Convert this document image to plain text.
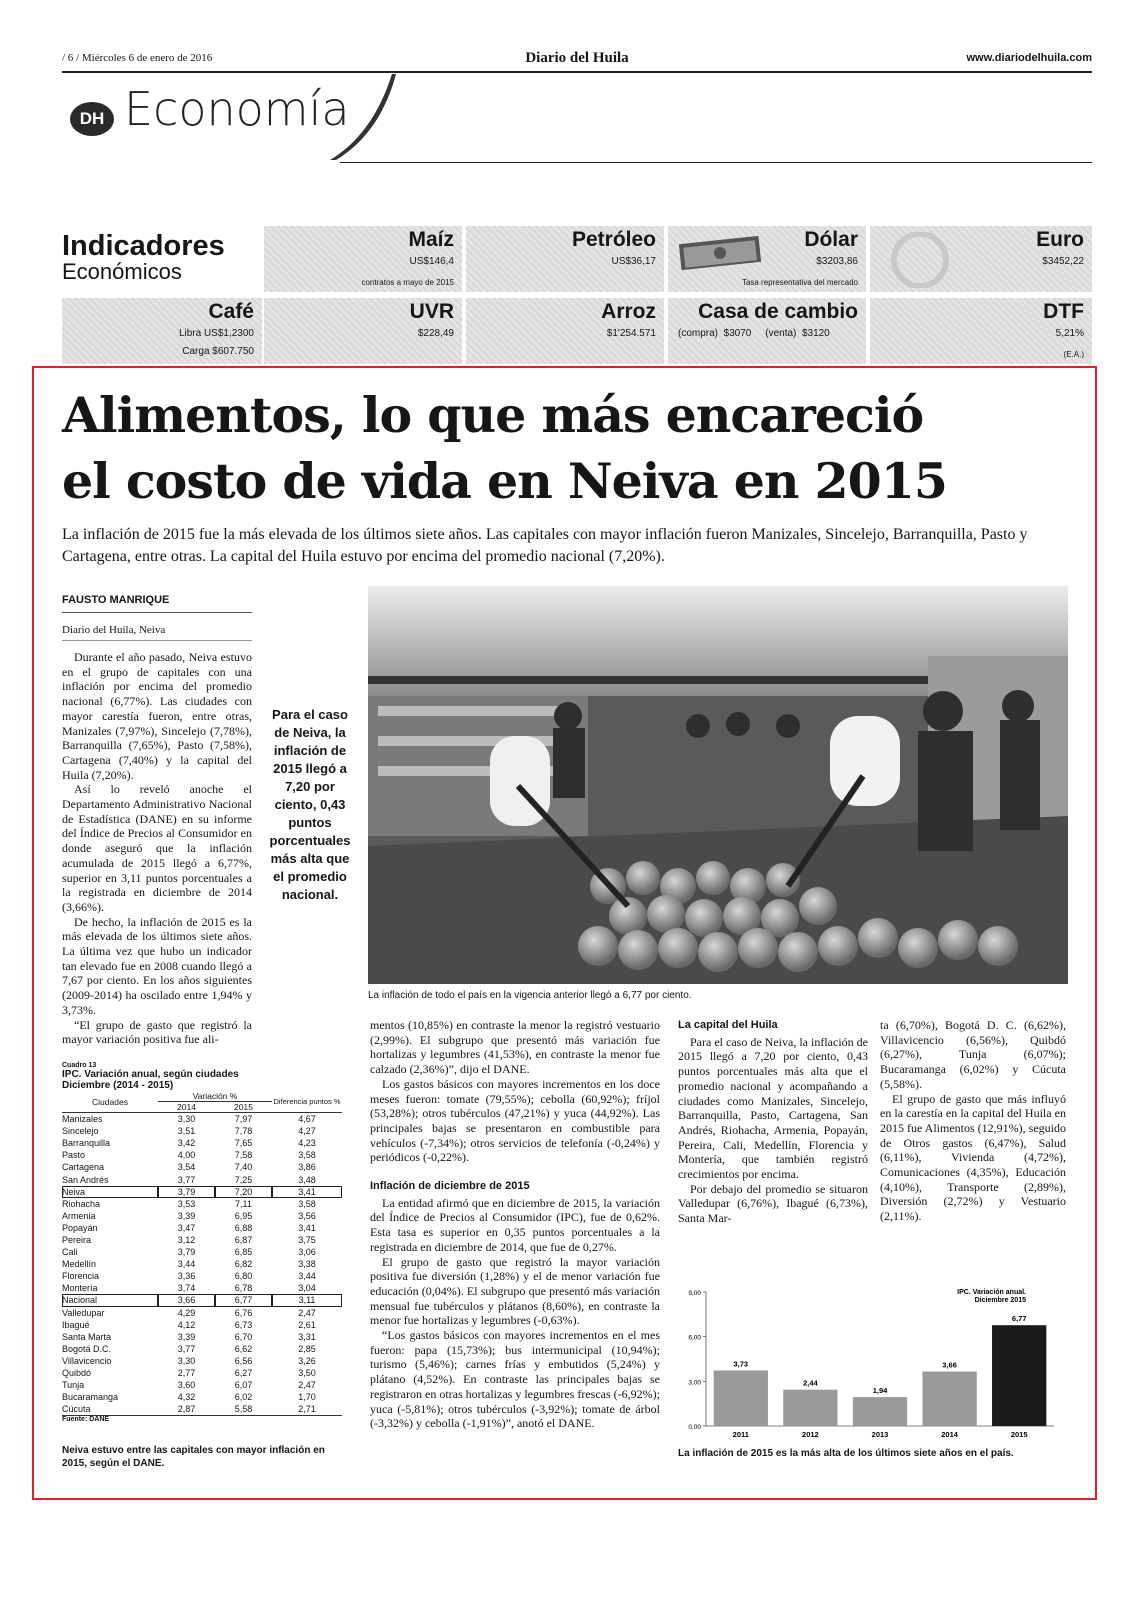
/ 6 / Miércoles 6 de enero de 2016	Diario del Huila	www.diariodelhuila.com
DH Economía
Indicadores
Económicos
Maíz
US$146,4
contratos a mayo de 2015
Petróleo
US$36,17
Dólar
$3203,86
Tasa representativa del mercado
Euro
$3452,22
Café
Libra US$1,2300
Carga $607.750
UVR
$228,49
Arroz
$1'254.571
Casa de cambio
(compra)  $3070     (venta)  $3120
DTF
5,21%
(E.A.)
Alimentos, lo que más encareció
el costo de vida en Neiva en 2015
La inflación de 2015 fue la más elevada de los últimos siete años. Las capitales con mayor inflación fueron Manizales, Sincelejo, Barranquilla, Pasto y Cartagena, entre otras. La capital del Huila estuvo por encima del promedio nacional (7,20%).
FAUSTO MANRIQUE
Diario del Huila, Neiva

Durante el año pasado, Neiva estuvo en el grupo de capitales con una inflación por encima del promedio nacional (6,77%). Las ciudades con mayor carestía fueron, entre otras, Manizales (7,97%), Sincelejo (7,78%), Barranquilla (7,65%), Pasto (7,58%), Cartagena (7,40%) y la capital del Huila (7,20%).

Así lo reveló anoche el Departamento Administrativo Nacional de Estadística (DANE) en su informe del Índice de Precios al Consumidor en donde aseguró que la inflación acumulada de 2015 llegó a 6,77%, superior en 3,11 puntos porcentuales a la registrada en diciembre de 2014 (3,66%).

De hecho, la inflación de 2015 es la más elevada de los últimos siete años. La última vez que hubo un indicador tan elevado fue en 2008 cuando llegó a 7,67 por ciento. En los años siguientes (2009-2014) ha oscilado entre 1,94% y 3,73%.

“El grupo de gasto que registró la mayor variación positiva fue ali-

Para el caso de Neiva, la inflación de 2015 llegó a 7,20 por ciento, 0,43 puntos porcentuales más alta que el promedio nacional.
La inflación de todo el país en la vigencia anterior llegó a 6,77 por ciento.

mentos (10,85%) en contraste la menor la registró vestuario (2,99%). El subgrupo que presentó más variación fue hortalizas y legumbres (41,53%), en contraste la menor fue calzado (2,36%)”, dijo el DANE.

Los gastos básicos con mayores incrementos en los doce meses fueron: tomate (79,55%); cebolla (60,92%); fríjol (53,28%); otros tubérculos (47,21%) y yuca (44,92%). Las principales bajas se presentaron en combustible para vehículos (-7,34%); otros servicios de telefonía (-0,24%) y periódicos (-0,22%).

Inflación de diciembre de 2015

La entidad afirmó que en diciembre de 2015, la variación del Índice de Precios al Consumidor (IPC), fue de 0,62%. Esta tasa es superior en 0,35 puntos porcentuales a la registrada en diciembre de 2014, que fue de 0,27%.

El grupo de gasto que registró la mayor variación positiva fue diversión (1,28%) y el de menor variación fue educación (0,04%). El subgrupo que presentó más variación mensual fue tubérculos y plátanos (8,60%), en contraste la menor fue hortalizas y legumbres (-0,63%).

“Los gastos básicos con mayores incrementos en el mes fueron: papa (15,73%); bus intermunicipal (10,94%); turismo (5,46%); carnes frías y embutidos (5,24%) y plátano (4,52%). En contraste las principales bajas se registraron en otras hortalizas y legumbres frescas (-6,92%); yuca (-5,81%); otros tubérculos (-3,92%); tomate de árbol (-3,32%) y cebolla (-1,91%)”, anotó el DANE.

La capital del Huila

Para el caso de Neiva, la inflación de 2015 llegó a 7,20 por ciento, 0,43 puntos porcentuales más alta que el promedio nacional y acompañando a ciudades como Manizales, Sincelejo, Barranquilla, Pasto, Cartagena, San Andrés, Riohacha, Armenia, Popayán, Pereira, Cali, Medellín, Florencia y Montería, que también registró crecimientos por encima.

Por debajo del promedio se situaron Valledupar (6,76%), Ibagué (6,73%), Santa Mar-

ta (6,70%), Bogotá D. C. (6,62%), Villavicencio (6,56%), Quibdó (6,27%), Tunja (6,07%); Bucaramanga (6,02%) y Cúcuta (5,58%).

El grupo de gasto que más influyó en la carestía en la capital del Huila en 2015 fue Alimentos (12,91%), seguido de Otros gastos (6,47%), Salud (6,11%), Vivienda (4,72%), Comunicaciones (4,35%), Educación (4,10%), Transporte (2,89%), Diversión (2,72%) y Vestuario (2,11%).

Cuadro 13
IPC. Variación anual, según ciudades
Diciembre (2014 - 2015)
Ciudades	Variación %		Diferencia puntos %
	2014	2015	
Manizales	3,30	7,97	4,67
Sincelejo	3,51	7,78	4,27
Barranquilla	3,42	7,65	4,23
Pasto	4,00	7,58	3,58
Cartagena	3,54	7,40	3,86
San Andrés	3,77	7,25	3,48
Neiva	3,79	7,20	3,41
Riohacha	3,53	7,11	3,58
Armenia	3,39	6,95	3,56
Popayán	3,47	6,88	3,41
Pereira	3,12	6,87	3,75
Cali	3,79	6,85	3,06
Medellín	3,44	6,82	3,38
Florencia	3,36	6,80	3,44
Montería	3,74	6,78	3,04
Nacional	3,66	6,77	3,11
Valledupar	4,29	6,76	2,47
Ibagué	4,12	6,73	2,61
Santa Marta	3,39	6,70	3,31
Bogotá D.C.	3,77	6,62	2,85
Villavicencio	3,30	6,56	3,26
Quibdó	2,77	6,27	3,50
Tunja	3,60	6,07	2,47
Bucaramanga	4,32	6,02	1,70
Cúcuta	2,87	5,58	2,71
Fuente: DANE
Neiva estuvo entre las capitales con mayor inflación en 2015, según el DANE.
0,00
3,00
6,00
9,00	IPC. Variación anual.
Diciembre 2015
3,73
2011
2,44
2012
1,94
2013
3,66
2014
6,77
2015
La inflación de 2015 es la más alta de los últimos siete años en el país.
